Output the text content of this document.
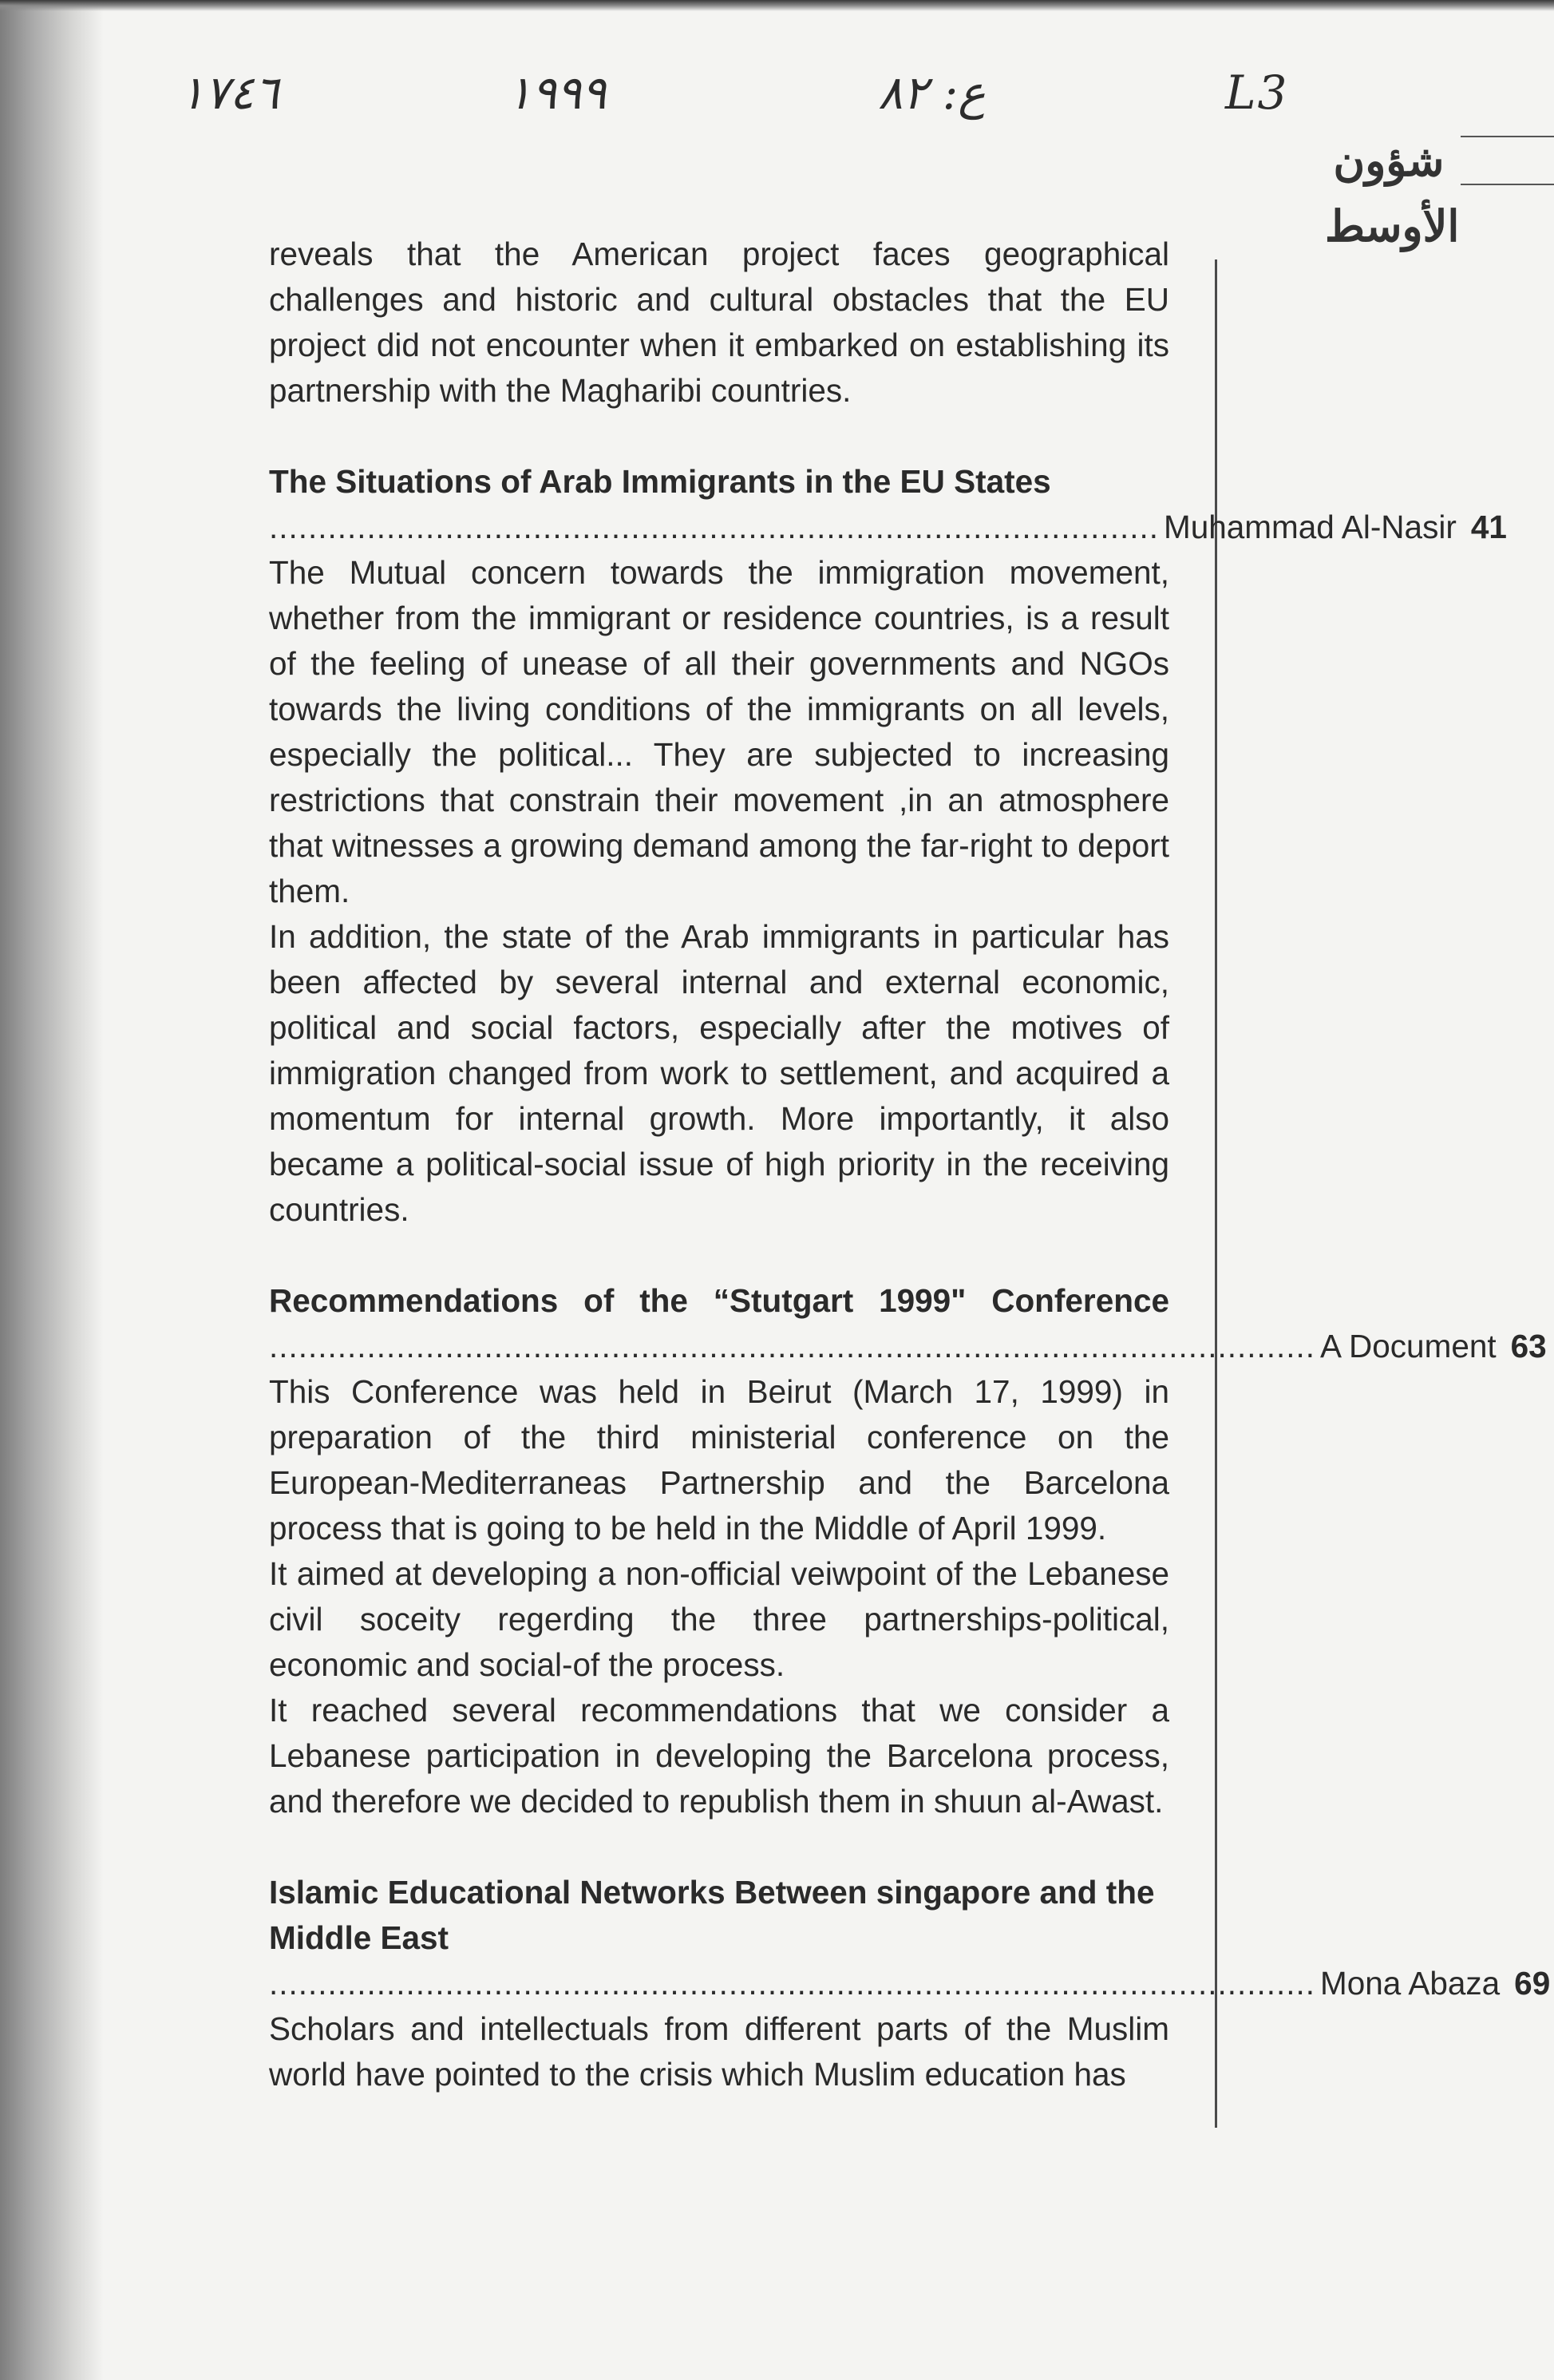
١٧٤٦	١٩٩٩	ع: ٨٢	L3
شؤون الأوسط

reveals that the American project faces geographical challenges and historic and cultural obstacles that the EU project did not encounter when it embarked on establishing its partnership with the Magharibi countries.

The Situations of Arab Immigrants in the EU States
........................................................................................... Muhammad Al-Nasir 41

The Mutual concern towards the immigration movement, whether from the immigrant or residence countries, is a result of the feeling of unease of all their governments and NGOs towards the living conditions of the immigrants on all levels, especially the political... They are subjected to increasing restrictions that constrain their movement ,in an atmosphere that witnesses a growing demand among the far-right to deport them.

In addition, the state of the Arab immigrants in particular has been affected by several internal and external economic, political and social factors, especially after the motives of immigration changed from work to settlement, and acquired a momentum for internal growth. More importantly, it also became a political-social issue of high priority in the receiving countries.

Recommendations of the “Stutgart 1999" Conference
........................................................................................................... A Document 63

This Conference was held in Beirut (March 17, 1999) in preparation of the third ministerial conference on the European-Mediterraneas Partnership and the Barcelona process that is going to be held in the Middle of April 1999.

It aimed at developing a non-official veiwpoint of the Lebanese civil soceity regerding the three partnerships-political, economic and social-of the process.

It reached several recommendations that we consider a Lebanese participation in developing the Barcelona process, and therefore we decided to republish them in shuun al-Awast.

Islamic Educational Networks Between singapore and the Middle East
........................................................................................................... Mona Abaza 69

Scholars and intellectuals from different parts of the Muslim world have pointed to the crisis which Muslim education has
